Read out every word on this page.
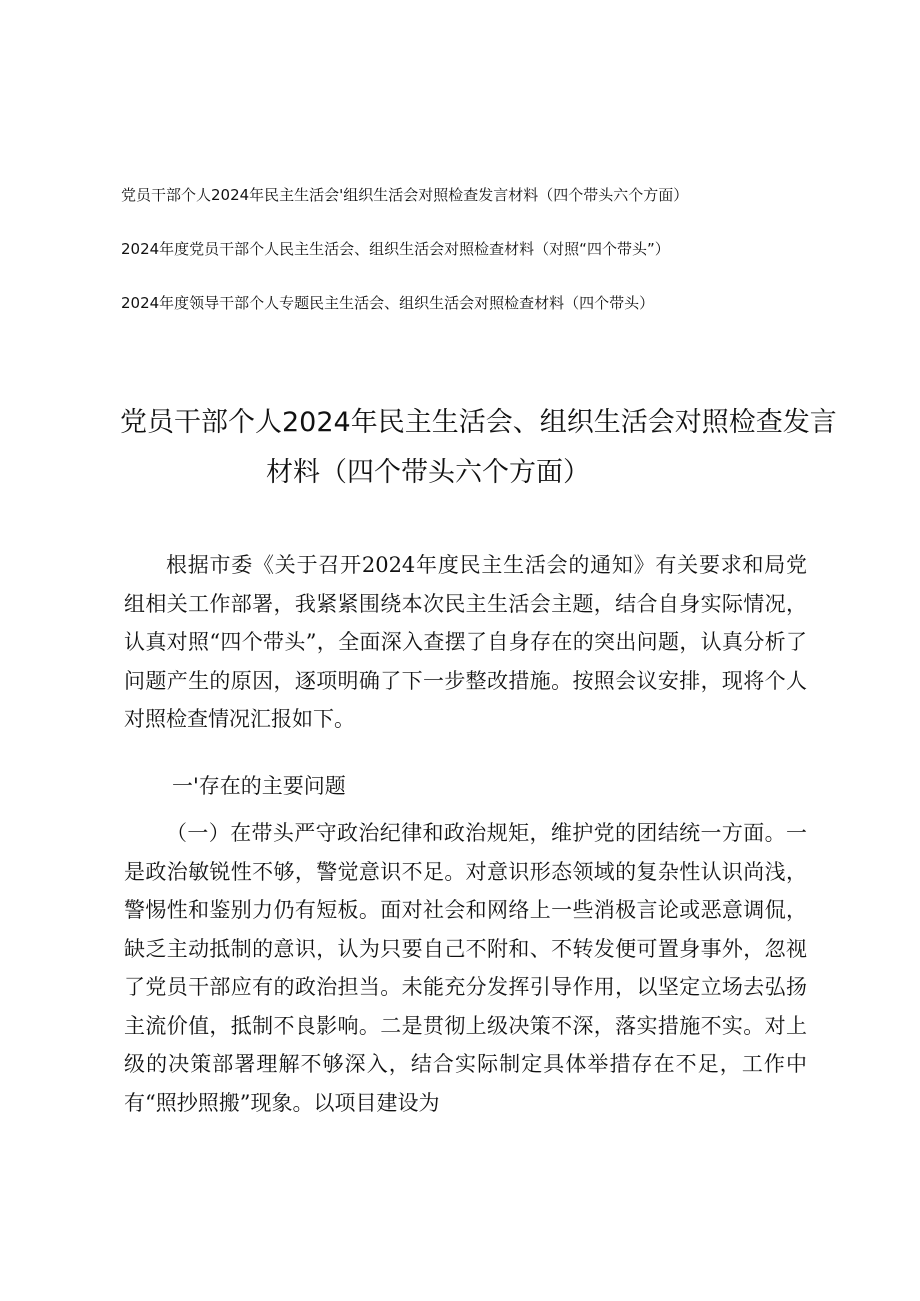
党员干部个人2024年民主生活会'组织生活会对照检查发言材料（四个带头六个方面）
2024年度党员干部个人民主生活会、组织生活会对照检查材料（对照“四个带头”）
2024年度领导干部个人专题民主生活会、组织生活会对照检查材料（四个带头）
党员干部个人2024年民主生活会、组织生活会对照检查发言
材料（四个带头六个方面）

根据市委《关于召开2024年度民主生活会的通知》有关要求和局党组相关工作部署，我紧紧围绕本次民主生活会主题，结合自身实际情况，认真对照“四个带头”，全面深入查摆了自身存在的突出问题，认真分析了问题产生的原因，逐项明确了下一步整改措施。按照会议安排，现将个人对照检查情况汇报如下。

一'存在的主要问题

（一）在带头严守政治纪律和政治规矩，维护党的团结统一方面。一是政治敏锐性不够，警觉意识不足。对意识形态领域的复杂性认识尚浅，警惕性和鉴别力仍有短板。面对社会和网络上一些消极言论或恶意调侃，缺乏主动抵制的意识，认为只要自己不附和、不转发便可置身事外，忽视了党员干部应有的政治担当。未能充分发挥引导作用，以坚定立场去弘扬主流价值，抵制不良影响。二是贯彻上级决策不深，落实措施不实。对上级的决策部署理解不够深入，结合实际制定具体举措存在不足，工作中有“照抄照搬”现象。以项目建设为
